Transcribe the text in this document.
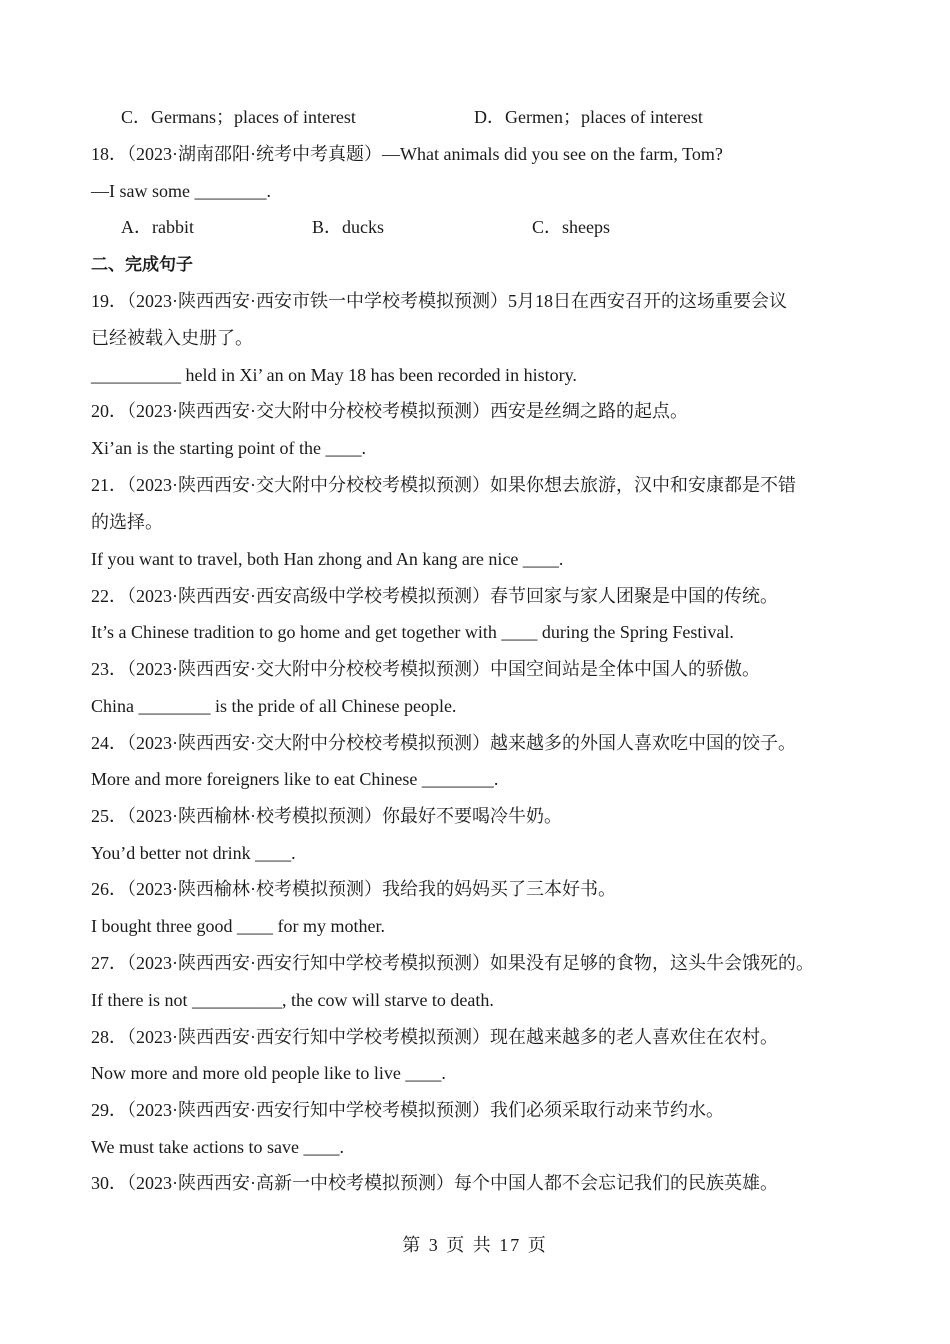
C．Germans；places of interest	D．Germen；places of interest
18．（2023·湖南邵阳·统考中考真题）—What animals did you see on the farm, Tom?
—I saw some ________.
A．rabbit	B．ducks	C．sheeps
二、完成句子
19．（2023·陕西西安·西安市铁一中学校考模拟预测）5月18日在西安召开的这场重要会议
已经被载入史册了。
__________ held in Xi’ an on May 18 has been recorded in history.
20．（2023·陕西西安·交大附中分校校考模拟预测）西安是丝绸之路的起点。
Xi’an is the starting point of the ____.
21．（2023·陕西西安·交大附中分校校考模拟预测）如果你想去旅游，汉中和安康都是不错
的选择。
If you want to travel, both Han zhong and An kang are nice ____.
22．（2023·陕西西安·西安高级中学校考模拟预测）春节回家与家人团聚是中国的传统。
It’s a Chinese tradition to go home and get together with ____ during the Spring Festival.
23．（2023·陕西西安·交大附中分校校考模拟预测）中国空间站是全体中国人的骄傲。
China ________ is the pride of all Chinese people.
24．（2023·陕西西安·交大附中分校校考模拟预测）越来越多的外国人喜欢吃中国的饺子。
More and more foreigners like to eat Chinese ________.
25．（2023·陕西榆林·校考模拟预测）你最好不要喝冷牛奶。
You’d better not drink ____.
26．（2023·陕西榆林·校考模拟预测）我给我的妈妈买了三本好书。
I bought three good ____ for my mother.
27．（2023·陕西西安·西安行知中学校考模拟预测）如果没有足够的食物，这头牛会饿死的。
If there is not __________, the cow will starve to death.
28．（2023·陕西西安·西安行知中学校考模拟预测）现在越来越多的老人喜欢住在农村。
Now more and more old people like to live ____.
29．（2023·陕西西安·西安行知中学校考模拟预测）我们必须采取行动来节约水。
We must take actions to save ____.
30．（2023·陕西西安·高新一中校考模拟预测）每个中国人都不会忘记我们的民族英雄。
第 3 页 共 17 页
